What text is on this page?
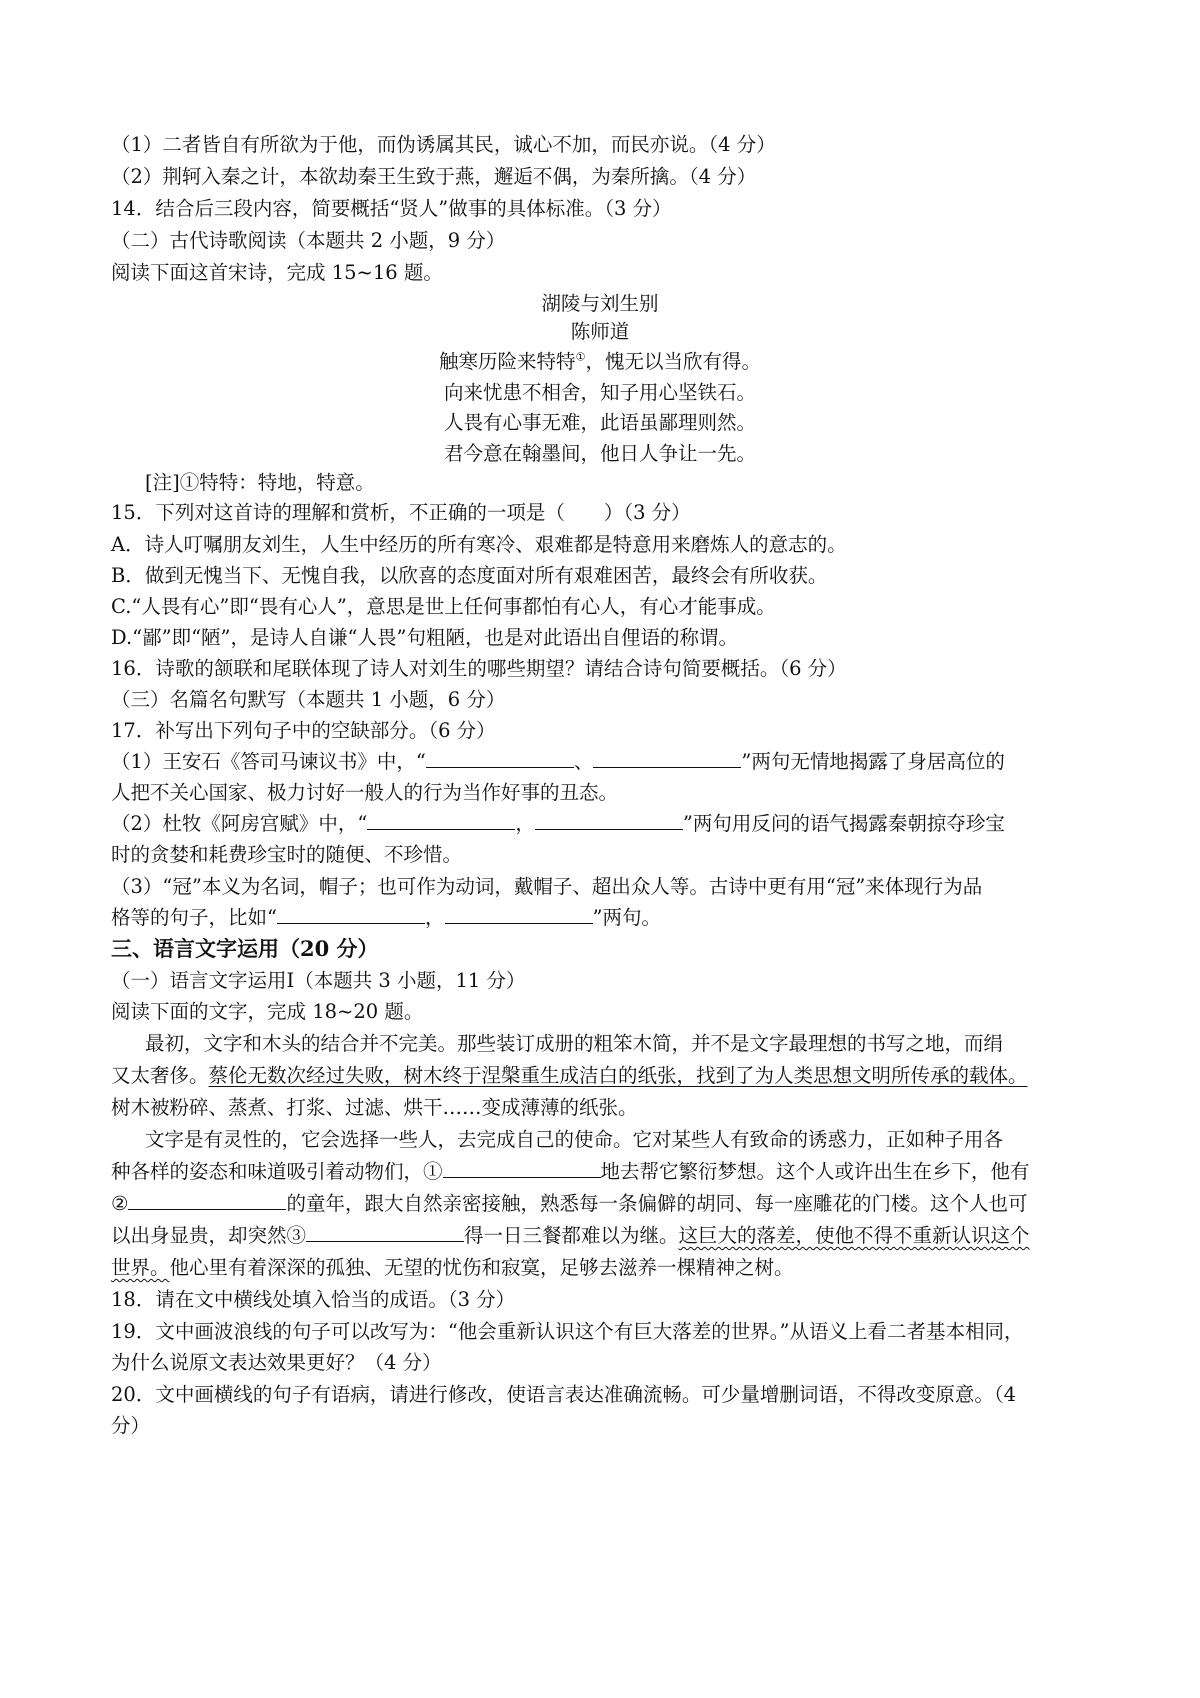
（1）二者皆自有所欲为于他，而伪诱属其民，诚心不加，而民亦说。（4 分）
（2）荆轲入秦之计，本欲劫秦王生致于燕，邂逅不偶，为秦所擒。（4 分）
14．结合后三段内容，简要概括“贤人”做事的具体标准。（3 分）
（二）古代诗歌阅读（本题共 2 小题，9 分）
阅读下面这首宋诗，完成 15~16 题。
湖陵与刘生别
陈师道
触寒历险来特特①，愧无以当欣有得。
向来忧患不相舍，知子用心坚铁石。
人畏有心事无难，此语虽鄙理则然。
君今意在翰墨间，他日人争让一先。
[注]①特特：特地，特意。
15．下列对这首诗的理解和赏析，不正确的一项是（　　）（3 分）
A．诗人叮嘱朋友刘生，人生中经历的所有寒冷、艰难都是特意用来磨炼人的意志的。
B．做到无愧当下、无愧自我，以欣喜的态度面对所有艰难困苦，最终会有所收获。
C.“人畏有心”即“畏有心人”，意思是世上任何事都怕有心人，有心才能事成。
D.“鄙”即“陋”，是诗人自谦“人畏”句粗陋，也是对此语出自俚语的称谓。
16．诗歌的颔联和尾联体现了诗人对刘生的哪些期望？请结合诗句简要概括。（6 分）
（三）名篇名句默写（本题共 1 小题，6 分）
17．补写出下列句子中的空缺部分。（6 分）
（1）王安石《答司马谏议书》中，“	、	”两句无情地揭露了身居高位的
人把不关心国家、极力讨好一般人的行为当作好事的丑态。
（2）杜牧《阿房宫赋》中，“	，	”两句用反问的语气揭露秦朝掠夺珍宝
时的贪婪和耗费珍宝时的随便、不珍惜。
（3）“冠”本义为名词，帽子；也可作为动词，戴帽子、超出众人等。古诗中更有用“冠”来体现行为品
格等的句子，比如“	，	”两句。
三、语言文字运用（20 分）
（一）语言文字运用Ⅰ（本题共 3 小题，11 分）
阅读下面的文字，完成 18~20 题。
最初，文字和木头的结合并不完美。那些装订成册的粗笨木简，并不是文字最理想的书写之地，而绢
又太奢侈。蔡伦无数次经过失败，树木终于涅槃重生成洁白的纸张，找到了为人类思想文明所传承的载体。
树木被粉碎、蒸煮、打浆、过滤、烘干……变成薄薄的纸张。
文字是有灵性的，它会选择一些人，去完成自己的使命。它对某些人有致命的诱惑力，正如种子用各
种各样的姿态和味道吸引着动物们，①	地去帮它繁衍梦想。这个人或许出生在乡下，他有
②	的童年，跟大自然亲密接触，熟悉每一条偏僻的胡同、每一座雕花的门楼。这个人也可
以出身显贵，却突然③	得一日三餐都难以为继。这巨大的落差，使他不得不重新认识这个
世界。他心里有着深深的孤独、无望的忧伤和寂寞，足够去滋养一棵精神之树。
18．请在文中横线处填入恰当的成语。（3 分）
19．文中画波浪线的句子可以改写为：“他会重新认识这个有巨大落差的世界。”从语义上看二者基本相同，
为什么说原文表达效果更好？（4 分）
20．文中画横线的句子有语病，请进行修改，使语言表达准确流畅。可少量增删词语，不得改变原意。（4
分）
